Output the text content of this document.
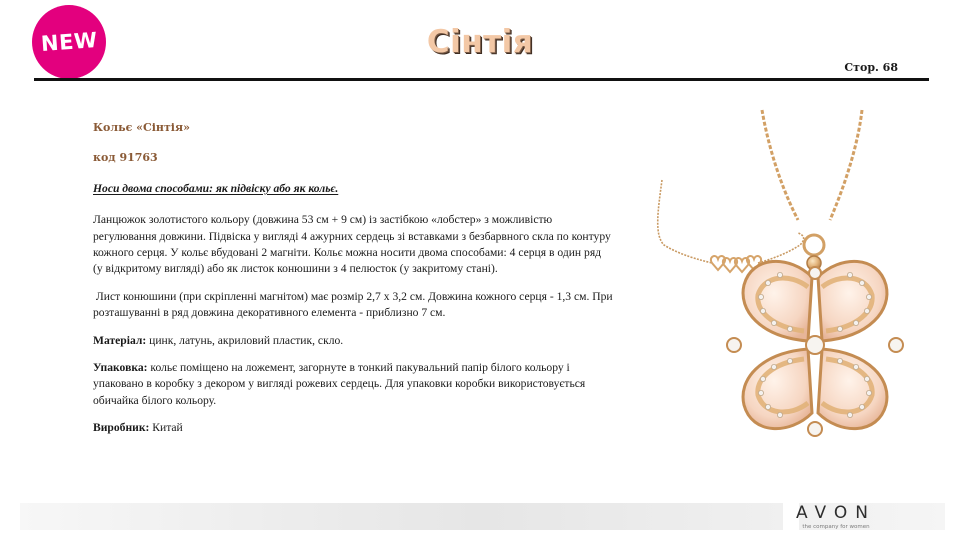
NEW	Сінтія
Стор. 68

Кольє «Сінтія»

код 91763

Носи двома способами: як підвіску або як кольє.

Ланцюжок золотистого кольору (довжина 53 см + 9 см) із застібкою «лобстер» з можливістю регулювання довжини. Підвіска у вигляді 4 ажурних сердець зі вставками з безбарвного скла по контуру кожного серця. У кольє вбудовані 2 магніти. Кольє можна носити двома способами: 4 серця в один ряд (у відкритому вигляді) або як листок конюшини з 4 пелюсток (у закритому стані).

Лист конюшини (при скріпленні магнітом) має розмір 2,7 х 3,2 см. Довжина кожного серця - 1,3 см. При розташуванні в ряд довжина декоративного елемента - приблизно 7 см.

Матеріал: цинк, латунь, акриловий пластик, скло.

Упаковка: кольє поміщено на ложемент, загорнуте в тонкий пакувальний папір білого кольору і упаковано в коробку з декором у вигляді рожевих сердець. Для упаковки коробки використовується обичайка білого кольору.

Виробник: Китай

AVON
the company for women
